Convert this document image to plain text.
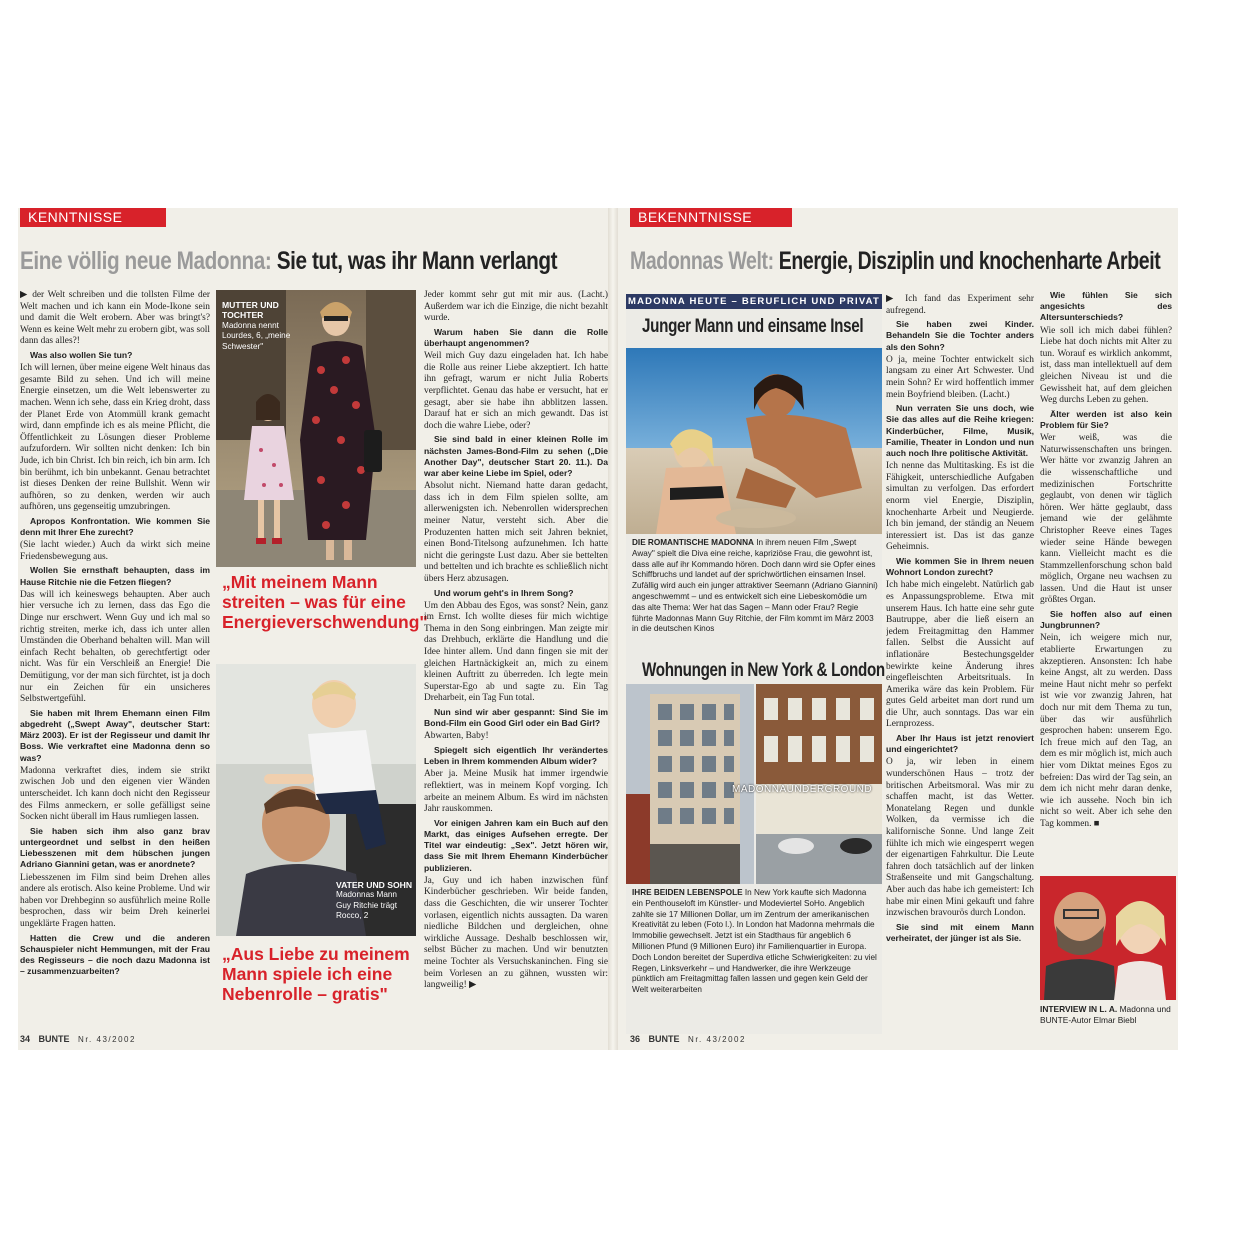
KENNTNISSE
Eine völlig neue Madonna: Sie tut, was ihr Mann verlangt

▶ der Welt schreiben und die tollsten Filme der Welt machen und ich kann ein Mode-Ikone sein und damit die Welt erobern. Aber was bringt's? Wenn es keine Welt mehr zu erobern gibt, was soll dann das alles?!

Was also wollen Sie tun?

Ich will lernen, über meine eigene Welt hinaus das gesamte Bild zu sehen. Und ich will meine Energie einsetzen, um die Welt lebenswerter zu machen. Wenn ich sehe, dass ein Krieg droht, dass der Planet Erde von Atommüll krank gemacht wird, dann empfinde ich es als meine Pflicht, die Öffentlichkeit zu Lösungen dieser Probleme aufzufordern. Wir sollten nicht denken: Ich bin Jude, ich bin Christ. Ich bin reich, ich bin arm. Ich bin berühmt, ich bin unbekannt. Genau betrachtet ist dieses Denken der reine Bullshit. Wenn wir aufhören, so zu denken, werden wir auch aufhören, uns gegenseitig umzubringen.

Apropos Konfrontation. Wie kommen Sie denn mit Ihrer Ehe zurecht?

(Sie lacht wieder.) Auch da wirkt sich meine Friedensbewegung aus.

Wollen Sie ernsthaft behaupten, dass im Hause Ritchie nie die Fetzen fliegen?

Das will ich keineswegs behaupten. Aber auch hier versuche ich zu lernen, dass das Ego die Dinge nur erschwert. Wenn Guy und ich mal so richtig streiten, merke ich, dass ich unter allen Umständen die Oberhand behalten will. Man will einfach Recht behalten, ob gerechtfertigt oder nicht. Was für ein Verschleiß an Energie! Die Demütigung, vor der man sich fürchtet, ist ja doch nur ein Zeichen für ein unsicheres Selbstwertgefühl.

Sie haben mit Ihrem Ehemann einen Film abgedreht („Swept Away", deutscher Start: März 2003). Er ist der Regisseur und damit Ihr Boss. Wie verkraftet eine Madonna denn so was?

Madonna verkraftet dies, indem sie strikt zwischen Job und den eigenen vier Wänden unterscheidet. Ich kann doch nicht den Regisseur des Films anmeckern, er solle gefälligst seine Socken nicht überall im Haus rumliegen lassen.

Sie haben sich ihm also ganz brav untergeordnet und selbst in den heißen Liebesszenen mit dem hübschen jungen Adriano Giannini getan, was er anordnete?

Liebesszenen im Film sind beim Drehen alles andere als erotisch. Also keine Probleme. Und wir haben vor Drehbeginn so ausführlich meine Rolle besprochen, dass wir beim Dreh keinerlei ungeklärte Fragen hatten.

Hatten die Crew und die anderen Schauspieler nicht Hemmungen, mit der Frau des Regisseurs – die noch dazu Madonna ist – zusammenzuarbeiten?

MUTTER UND TOCHTER
Madonna nennt Lourdes, 6, „meine Schwester"
„Mit meinem Mann streiten – was für eine Energieverschwendung"
VATER UND SOHN
Madonnas Mann Guy Ritchie trägt Rocco, 2
„Aus Liebe zu meinem Mann spiele ich eine Nebenrolle – gratis"

Jeder kommt sehr gut mit mir aus. (Lacht.) Außerdem war ich die Einzige, die nicht bezahlt wurde.

Warum haben Sie dann die Rolle überhaupt angenommen?

Weil mich Guy dazu eingeladen hat. Ich habe die Rolle aus reiner Liebe akzeptiert. Ich hatte ihn gefragt, warum er nicht Julia Roberts verpflichtet. Genau das habe er versucht, hat er gesagt, aber sie habe ihn abblitzen lassen. Darauf hat er sich an mich gewandt. Das ist doch die wahre Liebe, oder?

Sie sind bald in einer kleinen Rolle im nächsten James-Bond-Film zu sehen („Die Another Day", deutscher Start 20. 11.). Da war aber keine Liebe im Spiel, oder?

Absolut nicht. Niemand hatte daran gedacht, dass ich in dem Film spielen sollte, am allerwenigsten ich. Nebenrollen widersprechen meiner Natur, versteht sich. Aber die Produzenten hatten mich seit Jahren bekniet, einen Bond-Titelsong aufzunehmen. Ich hatte nicht die geringste Lust dazu. Aber sie bettelten und bettelten und ich brachte es schließlich nicht übers Herz abzusagen.

Und worum geht's in Ihrem Song?

Um den Abbau des Egos, was sonst? Nein, ganz im Ernst. Ich wollte dieses für mich wichtige Thema in den Song einbringen. Man zeigte mir das Drehbuch, erklärte die Handlung und die Idee hinter allem. Und dann fingen sie mit der gleichen Hartnäckigkeit an, mich zu einem kleinen Auftritt zu überreden. Ich legte mein Superstar-Ego ab und sagte zu. Ein Tag Dreharbeit, ein Tag Fun total.

Nun sind wir aber gespannt: Sind Sie im Bond-Film ein Good Girl oder ein Bad Girl?

Abwarten, Baby!

Spiegelt sich eigentlich Ihr verändertes Leben in Ihrem kommenden Album wider?

Aber ja. Meine Musik hat immer irgendwie reflektiert, was in meinem Kopf vorging. Ich arbeite an meinem Album. Es wird im nächsten Jahr rauskommen.

Vor einigen Jahren kam ein Buch auf den Markt, das einiges Aufsehen erregte. Der Titel war eindeutig: „Sex". Jetzt hören wir, dass Sie mit Ihrem Ehemann Kinderbücher publizieren.

Ja, Guy und ich haben inzwischen fünf Kinderbücher geschrieben. Wir beide fanden, dass die Geschichten, die wir unserer Tochter vorlasen, eigentlich nichts aussagten. Da waren niedliche Bildchen und dergleichen, ohne wirkliche Aussage. Deshalb beschlossen wir, selbst Bücher zu machen. Und wir benutzten meine Tochter als Versuchskaninchen. Fing sie beim Vorlesen an zu gähnen, wussten wir: langweilig! ▶

34 BUNTE Nr. 43/2002
BEKENNTNISSE
Madonnas Welt: Energie, Disziplin und knochenharte Arbeit
MADONNA HEUTE – BERUFLICH UND PRIVAT
Junger Mann und einsame Insel
DIE ROMANTISCHE MADONNA In ihrem neuen Film „Swept Away" spielt die Diva eine reiche, kapriziöse Frau, die gewohnt ist, dass alle auf ihr Kommando hören. Doch dann wird sie Opfer eines Schiffbruchs und landet auf der sprichwörtlichen einsamen Insel. Zufällig wird auch ein junger attraktiver Seemann (Adriano Giannini) angeschwemmt – und es entwickelt sich eine Liebeskomödie um das alte Thema: Wer hat das Sagen – Mann oder Frau? Regie führte Madonnas Mann Guy Ritchie, der Film kommt im März 2003 in die deutschen Kinos
Wohnungen in New York & London
MADONNAUNDERGROUND
IHRE BEIDEN LEBENSPOLE In New York kaufte sich Madonna ein Penthouseloft im Künstler- und Modeviertel SoHo. Angeblich zahlte sie 17 Millionen Dollar, um im Zentrum der amerikanischen Kreativität zu leben (Foto l.). In London hat Madonna mehrmals die Immobilie gewechselt. Jetzt ist ein Stadthaus für angeblich 6 Millionen Pfund (9 Millionen Euro) ihr Familienquartier in Europa. Doch London bereitet der Superdiva etliche Schwierigkeiten: zu viel Regen, Linksverkehr – und Handwerker, die ihre Werkzeuge pünktlich am Freitagmittag fallen lassen und gegen kein Geld der Welt weiterarbeiten

▶ Ich fand das Experiment sehr aufregend.

Sie haben zwei Kinder. Behandeln Sie die Tochter anders als den Sohn?

O ja, meine Tochter entwickelt sich langsam zu einer Art Schwester. Und mein Sohn? Er wird hoffentlich immer mein Boyfriend bleiben. (Lacht.)

Nun verraten Sie uns doch, wie Sie das alles auf die Reihe kriegen: Kinderbücher, Filme, Musik, Familie, Theater in London und nun auch noch Ihre politische Aktivität.

Ich nenne das Multitasking. Es ist die Fähigkeit, unterschiedliche Aufgaben simultan zu verfolgen. Das erfordert enorm viel Energie, Disziplin, knochenharte Arbeit und Neugierde. Ich bin jemand, der ständig an Neuem interessiert ist. Das ist das ganze Geheimnis.

Wie kommen Sie in Ihrem neuen Wohnort London zurecht?

Ich habe mich eingelebt. Natürlich gab es Anpassungsprobleme. Etwa mit unserem Haus. Ich hatte eine sehr gute Bautruppe, aber die ließ eisern an jedem Freitagmittag den Hammer fallen. Selbst die Aussicht auf inflationäre Bestechungsgelder bewirkte keine Änderung ihres eingefleischten Arbeitsrituals. In Amerika wäre das kein Problem. Für gutes Geld arbeitet man dort rund um die Uhr, auch sonntags. Das war ein Lernprozess.

Aber Ihr Haus ist jetzt renoviert und eingerichtet?

O ja, wir leben in einem wunderschönen Haus – trotz der britischen Arbeitsmoral. Was mir zu schaffen macht, ist das Wetter. Monatelang Regen und dunkle Wolken, da vermisse ich die kalifornische Sonne. Und lange Zeit fühlte ich mich wie eingesperrt wegen der eigenartigen Fahrkultur. Die Leute fahren doch tatsächlich auf der linken Straßenseite und mit Gangschaltung. Aber auch das habe ich gemeistert: Ich habe mir einen Mini gekauft und fahre inzwischen bravourös durch London.

Sie sind mit einem Mann verheiratet, der jünger ist als Sie.

Wie fühlen Sie sich angesichts des Altersunterschieds?

Wie soll ich mich dabei fühlen? Liebe hat doch nichts mit Alter zu tun. Worauf es wirklich ankommt, ist, dass man intellektuell auf dem gleichen Niveau ist und die Gewissheit hat, auf dem gleichen Weg durchs Leben zu gehen.

Älter werden ist also kein Problem für Sie?

Wer weiß, was die Naturwissenschaften uns bringen. Wer hätte vor zwanzig Jahren an die wissenschaftliche und medizinischen Fortschritte geglaubt, von denen wir täglich hören. Wer hätte geglaubt, dass jemand wie der gelähmte Christopher Reeve eines Tages wieder seine Hände bewegen kann. Vielleicht macht es die Stammzellenforschung schon bald möglich, Organe neu wachsen zu lassen. Und die Haut ist unser größtes Organ.

Sie hoffen also auf einen Jungbrunnen?

Nein, ich weigere mich nur, etablierte Erwartungen zu akzeptieren. Ansonsten: Ich habe keine Angst, alt zu werden. Dass meine Haut nicht mehr so perfekt ist wie vor zwanzig Jahren, hat doch nur mit dem Thema zu tun, über das wir ausführlich gesprochen haben: unserem Ego. Ich freue mich auf den Tag, an dem es mir möglich ist, mich auch hier vom Diktat meines Egos zu befreien: Das wird der Tag sein, an dem ich nicht mehr daran denke, wie ich aussehe. Noch bin ich nicht so weit. Aber ich sehe den Tag kommen. ■

INTERVIEW IN L. A. Madonna und BUNTE-Autor Elmar Biebl
36 BUNTE Nr. 43/2002
